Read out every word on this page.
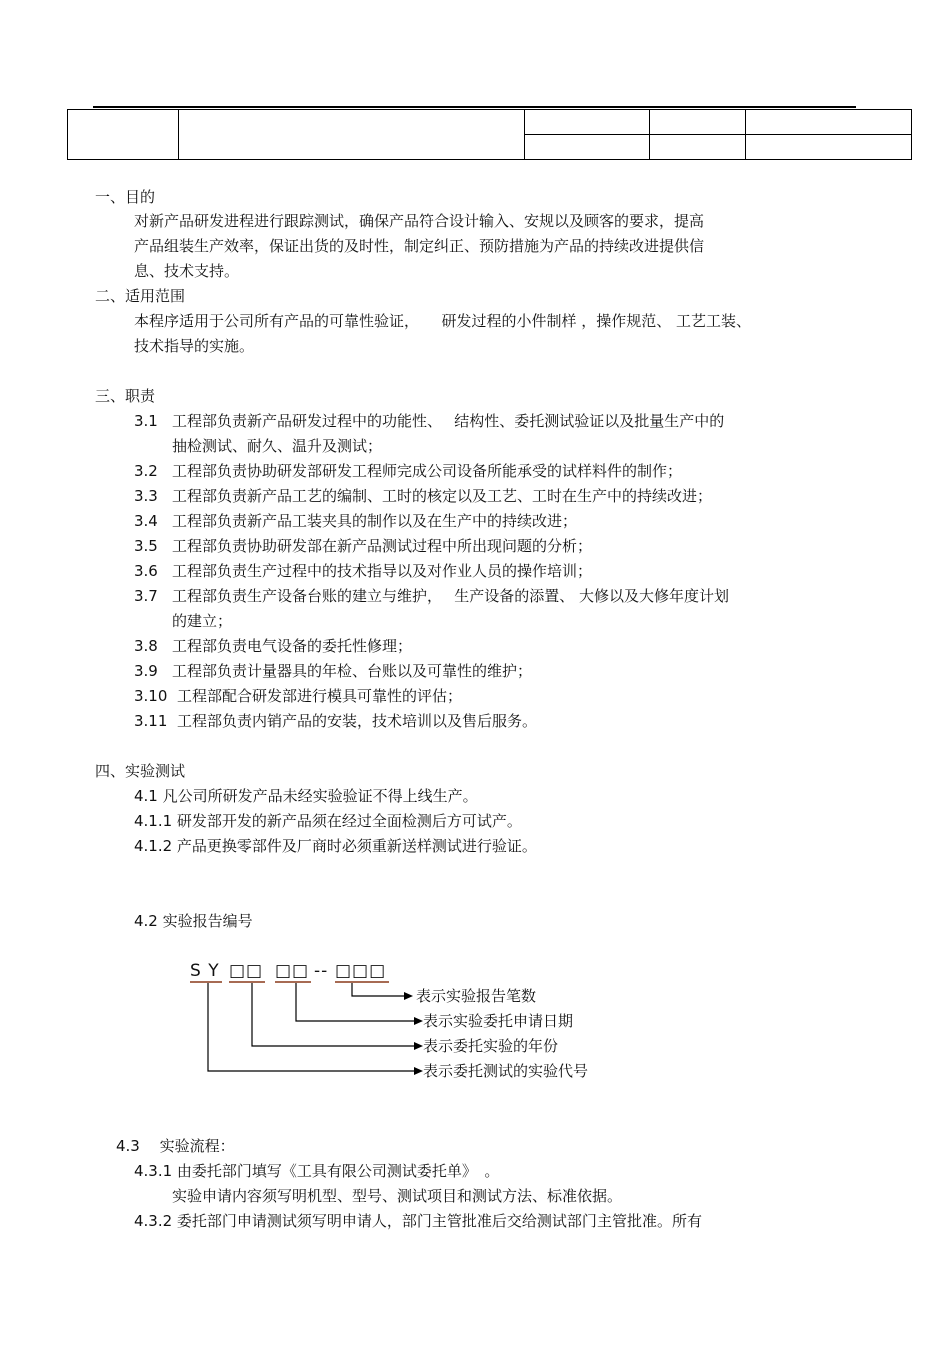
一、目的
对新产品研发进程进行跟踪测试，确保产品符合设计输入、安规以及顾客的要求，提高
产品组装生产效率，保证出货的及时性，制定纠正、预防措施为产品的持续改进提供信
息、技术支持。
二、适用范围
本程序适用于公司所有产品的可靠性验证，　　研发过程的小件制样 ，操作规范、 工艺工装、
技术指导的实施。
三、职责
3.1 工程部负责新产品研发过程中的功能性、　 结构性、委托测试验证以及批量生产中的
抽检测试、耐久、温升及测试；
3.2 工程部负责协助研发部研发工程师完成公司设备所能承受的试样料件的制作；
3.3 工程部负责新产品工艺的编制、工时的核定以及工艺、工时在生产中的持续改进；
3.4 工程部负责新产品工装夹具的制作以及在生产中的持续改进；
3.5 工程部负责协助研发部在新产品测试过程中所出现问题的分析；
3.6 工程部负责生产过程中的技术指导以及对作业人员的操作培训；
3.7 工程部负责生产设备台账的建立与维护，　 生产设备的添置、 大修以及大修年度计划
的建立；
3.8 工程部负责电气设备的委托性修理；
3.9 工程部负责计量器具的年检、台账以及可靠性的维护；
3.10 工程部配合研发部进行模具可靠性的评估；
3.11 工程部负责内销产品的安装，技术培训以及售后服务。
四、实验测试
4.1 凡公司所研发产品未经实验验证不得上线生产。
4.1.1 研发部开发的新产品须在经过全面检测后方可试产。
4.1.2 产品更换零部件及厂商时必须重新送样测试进行验证。
4.2 实验报告编号
S Y □□ □□ -- □□□
表示实验报告笔数
表示实验委托申请日期
表示委托实验的年份
表示委托测试的实验代号
4.3　 实验流程：
4.3.1 由委托部门填写《工具有限公司测试委托单》　。
实验申请内容须写明机型、型号、测试项目和测试方法、标准依据。
4.3.2 委托部门申请测试须写明申请人，部门主管批准后交给测试部门主管批准。所有
